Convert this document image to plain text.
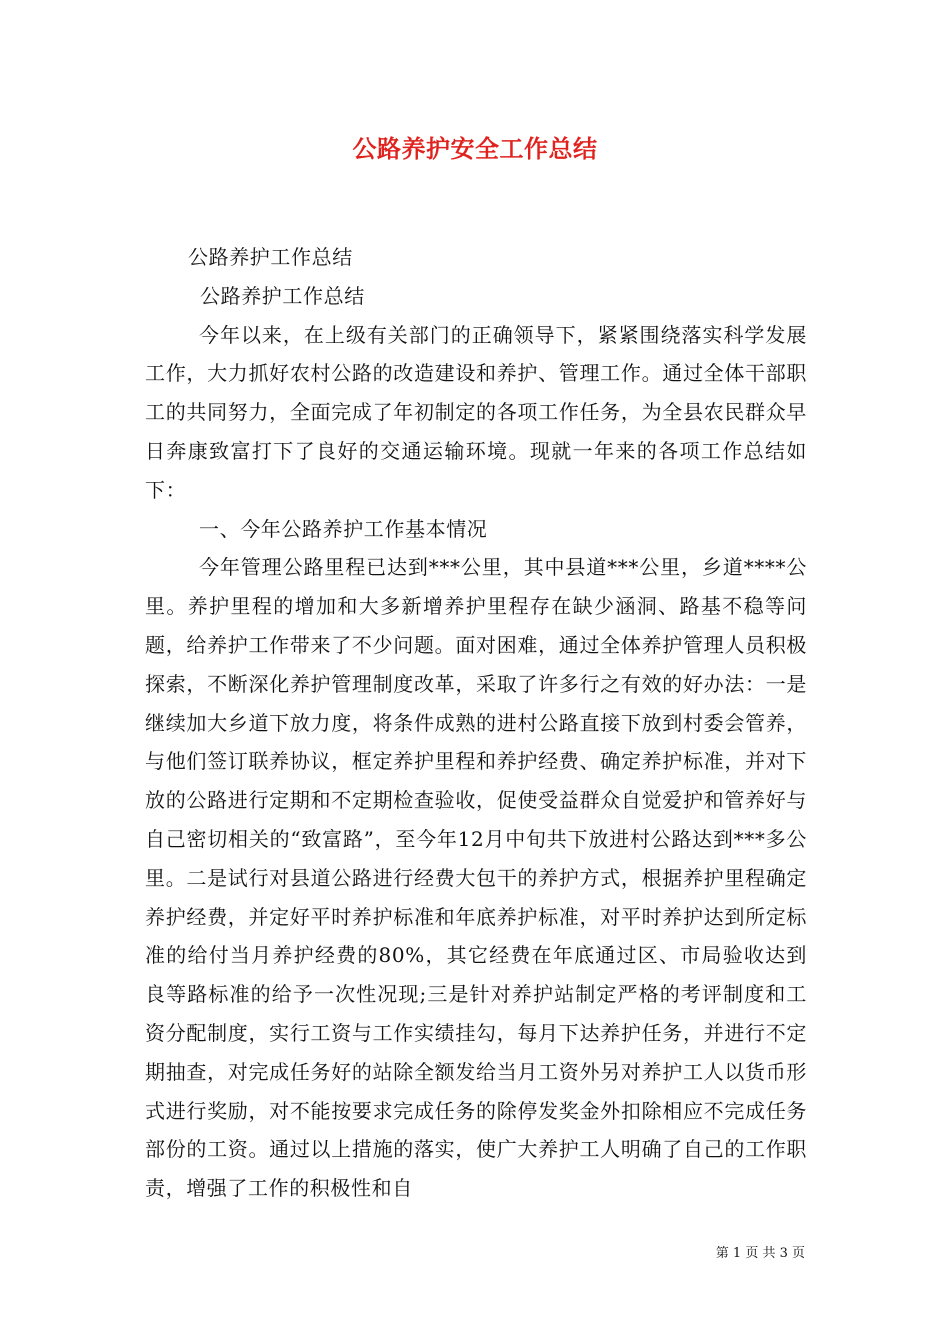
公路养护安全工作总结

公路养护工作总结

公路养护工作总结

今年以来，在上级有关部门的正确领导下，紧紧围绕落实科学发展工作，大力抓好农村公路的改造建设和养护、管理工作。通过全体干部职工的共同努力，全面完成了年初制定的各项工作任务，为全县农民群众早日奔康致富打下了良好的交通运输环境。现就一年来的各项工作总结如下：

一、今年公路养护工作基本情况

今年管理公路里程已达到***公里，其中县道***公里，乡道****公里。养护里程的增加和大多新增养护里程存在缺少涵洞、路基不稳等问题，给养护工作带来了不少问题。面对困难，通过全体养护管理人员积极探索，不断深化养护管理制度改革，采取了许多行之有效的好办法：一是继续加大乡道下放力度，将条件成熟的进村公路直接下放到村委会管养，与他们签订联养协议，框定养护里程和养护经费、确定养护标准，并对下放的公路进行定期和不定期检查验收，促使受益群众自觉爱护和管养好与自己密切相关的“致富路”，至今年12月中旬共下放进村公路达到***多公里。二是试行对县道公路进行经费大包干的养护方式，根据养护里程确定养护经费，并定好平时养护标准和年底养护标准，对平时养护达到所定标准的给付当月养护经费的80%，其它经费在年底通过区、市局验收达到良等路标准的给予一次性况现;三是针对养护站制定严格的考评制度和工资分配制度，实行工资与工作实绩挂勾，每月下达养护任务，并进行不定期抽查，对完成任务好的站除全额发给当月工资外另对养护工人以货币形式进行奖励，对不能按要求完成任务的除停发奖金外扣除相应不完成任务部份的工资。通过以上措施的落实，使广大养护工人明确了自己的工作职责，增强了工作的积极性和自

第 1 页 共 3 页
